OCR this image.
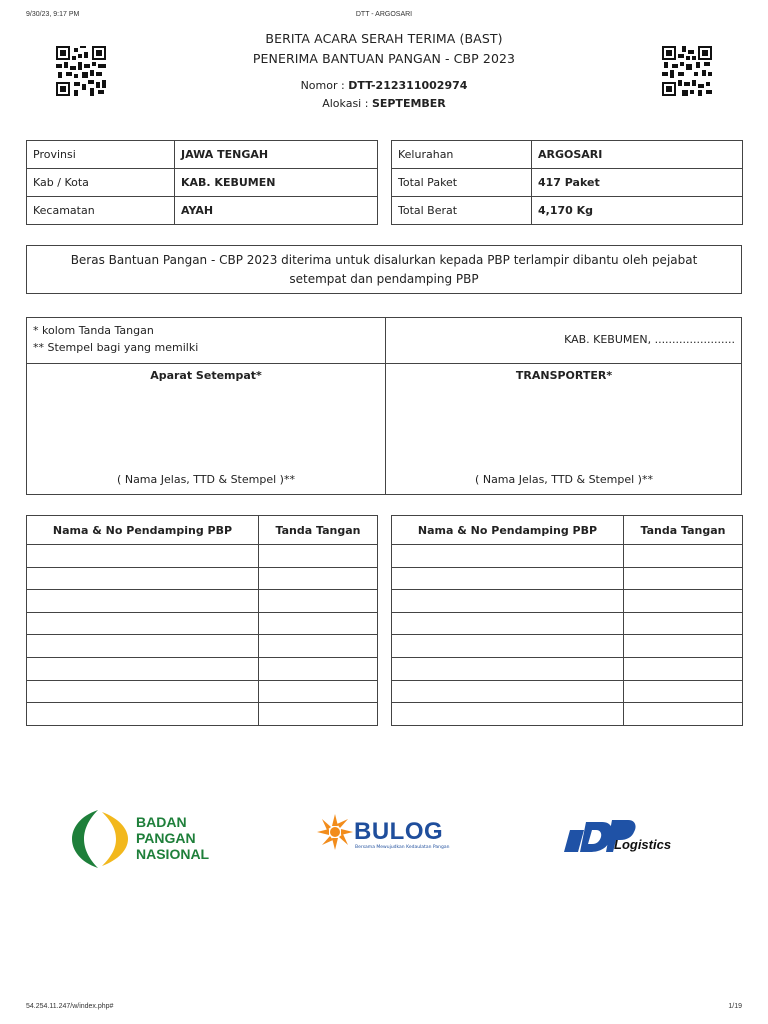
9/30/23, 9:17 PM	DTT - ARGOSARI
BERITA ACARA SERAH TERIMA (BAST)
PENERIMA BANTUAN PANGAN - CBP 2023
Nomor : DTT-212311002974
Alokasi : SEPTEMBER
Provinsi	JAWA TENGAH
Kab / Kota	KAB. KEBUMEN
Kecamatan	AYAH
Kelurahan	ARGOSARI
Total Paket	417 Paket
Total Berat	4,170 Kg
Beras Bantuan Pangan - CBP 2023 diterima untuk disalurkan kepada PBP terlampir dibantu oleh pejabat
setempat dan pendamping PBP
* kolom Tanda Tangan
** Stempel bagi yang memilki
KAB. KEBUMEN, .......................
Aparat Setempat*	TRANSPORTER*
( Nama Jelas, TTD & Stempel )**	( Nama Jelas, TTD & Stempel )**
Nama & No Pendamping PBP	Tanda Tangan

		Nama & No Pendamping PBP	Tanda Tangan

BADAN
PANGAN
NASIONAL
BULOG
Bersama Mewujudkan Kedaulatan Pangan	Logistics
54.254.11.247/w/index.php#	1/19
